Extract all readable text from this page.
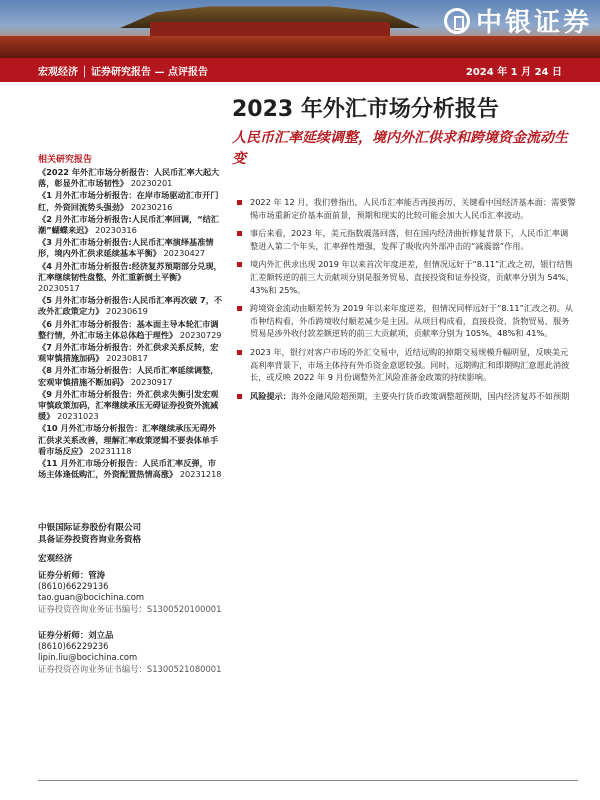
中银证券
宏观经济 │ 证券研究报告 — 点评报告	2024 年 1 月 24 日
2023 年外汇市场分析报告
人民币汇率延续调整，境内外汇供求和跨境资金流动生变
相关研究报告
《2022 年外汇市场分析报告：人民币汇率大起大落，彰显外汇市场韧性》 20230201
《1 月外汇市场分析报告：在岸市场驱动汇市开门红，外资回流势头强劲》 20230216
《2 月外汇市场分析报告:人民币汇率回调，“结汇潮”蝴蝶来迟》 20230316
《3 月外汇市场分析报告:人民币汇率演绎基准情形，境内外汇供求延续基本平衡》 20230427
《4 月外汇市场分析报告:经济复苏预期部分兑现，汇率继续韧性盘整、外汇重新倒土平衡》 20230517
《5 月外汇市场分析报告:人民币汇率再次破 7，不改外汇政策定力》 20230619
《6 月外汇市场分析报告：基本面主导本轮汇市调整行情，外汇市场主体总体趋于理性》 20230729
《7 月外汇市场分析报告：外汇供求关系反转，宏观审慎措施加码》 20230817
《8 月外汇市场分析报告：人民币汇率延续调整，宏观审慎措施不断加码》 20230917
《9 月外汇市场分析报告：外汇供求失衡引发宏观审慎政策加码，汇率继续承压无碍证券投资外流减缓》 20231023
《10 月外汇市场分析报告：汇率继续承压无碍外汇供求关系改善，理解汇率政策逻辑不要表体单手看市场反应》 20231118
《11 月外汇市场分析报告：人民币汇率反弹，市场主体逢低购汇，外资配置热情高涨》 20231218
中银国际证券股份有限公司
具备证券投资咨询业务资格
宏观经济
证券分析师：管涛
(8610)66229136
tao.guan@bocichina.com
证券投资咨询业务证书编号：S1300520100001
证券分析师：刘立品
(8610)66229236
lipin.liu@bocichina.com
证券投资咨询业务证书编号：S1300521080001
2022 年 12 月，我们曾指出，人民币汇率能否再接再厉，关键看中国经济基本面：需要警惕市场重新定价基本面前景，预期和现实的比较可能会加大人民币汇率波动。
事后来看，2023 年，美元指数震荡回落，但在国内经济曲折修复背景下，人民币汇率调整进入第二个年头，汇率弹性增强，发挥了吸收内外部冲击的“减震器”作用。
境内外汇供求出现 2019 年以来首次年度逆差，但情况远好于“8.11”汇改之初，银行结售汇差额转逆的前三大贡献项分别是服务贸易、直接投资和证券投资，贡献率分别为 54%、43%和 25%。
跨境资金流动由顺差转为 2019 年以来年度逆差，但情况同样远好于“8.11”汇改之初。从币种结构看，外币跨境收付顺差减少是主因。从项目构成看，直接投资、货物贸易、服务贸易是涉外收付款差额逆转的前三大贡献项，贡献率分别为 105%、48%和 41%。
2023 年，银行对客户市场的外汇交易中，近结远购的掉期交易规模升幅明显，反映美元高利率背景下，市场主体持有外币资金意愿较强。同时，远期购汇和即期购汇意愿此消彼长，或反映 2022 年 9 月份调整外汇风险准备金政策的持续影响。
风险提示：海外金融风险超预期，主要央行货币政策调整超预期，国内经济复苏不如预期
